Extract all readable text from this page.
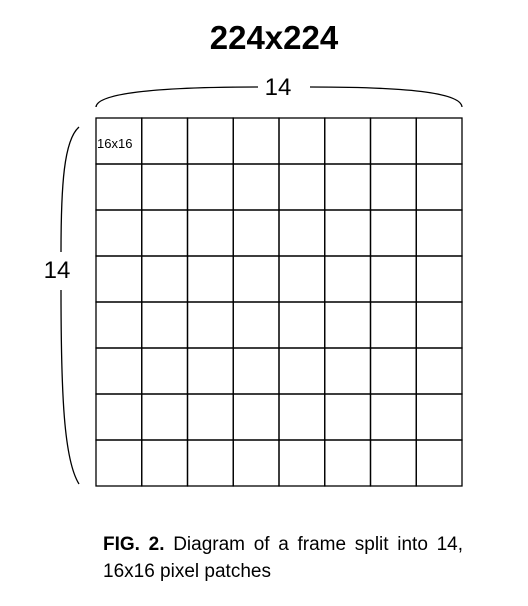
224x224
14
14
16x16
FIG. 2. Diagram of a frame split into 14, 16x16 pixel patches
